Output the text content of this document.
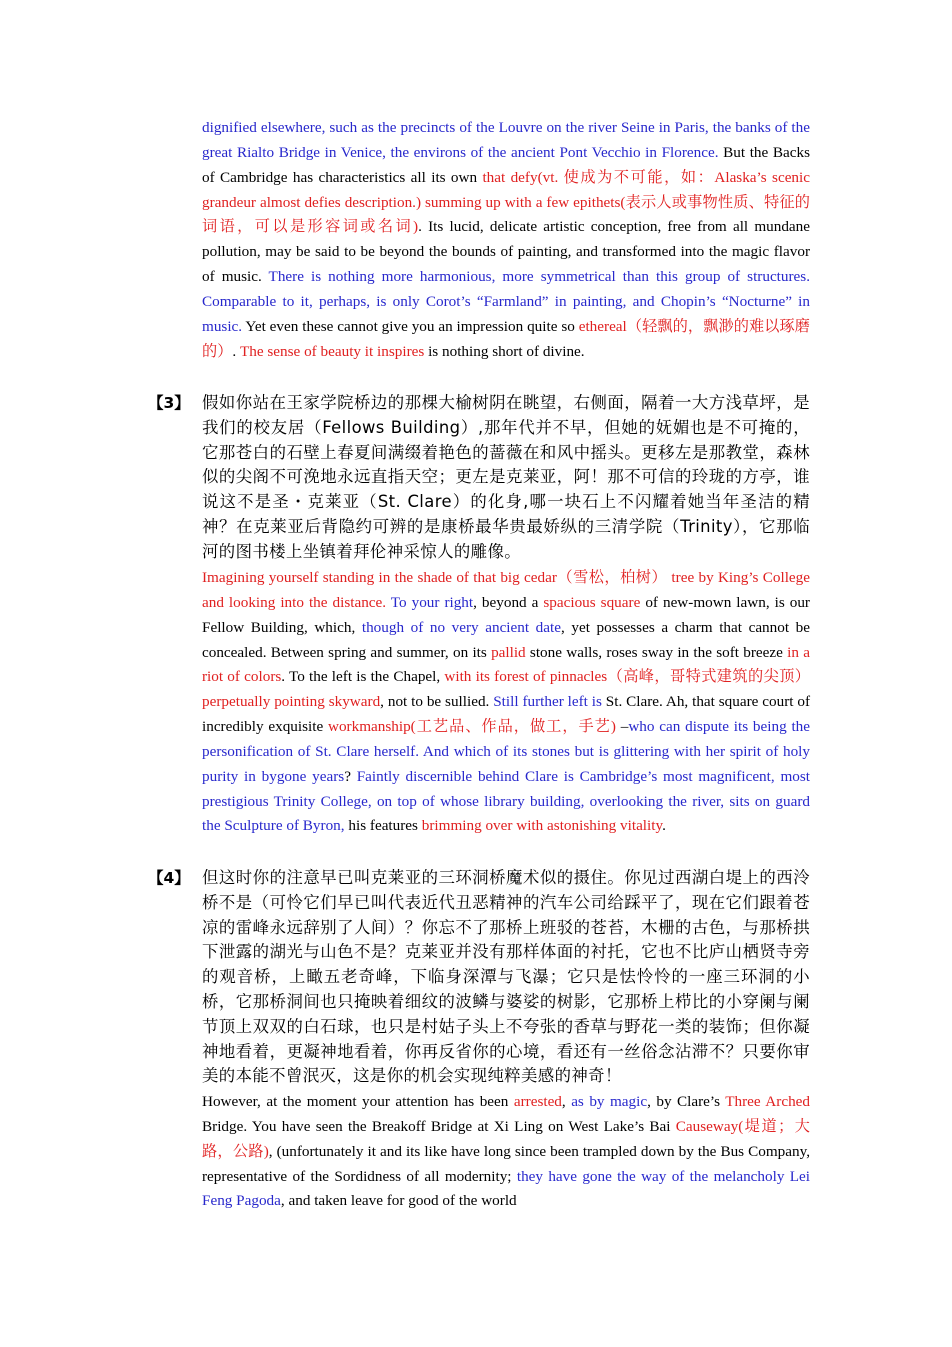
dignified elsewhere, such as the precincts of the Louvre on the river Seine in Paris, the banks of the great Rialto Bridge in Venice, the environs of the ancient Pont Vecchio in Florence. But the Backs of Cambridge has characteristics all its own that defy(vt. 使成为不可能，如：Alaska’s scenic grandeur almost defies description.) summing up with a few epithets(表示人或事物性质、特征的词语，可以是形容词或名词). Its lucid, delicate artistic conception, free from all mundane pollution, may be said to be beyond the bounds of painting, and transformed into the magic flavor of music. There is nothing more harmonious, more symmetrical than this group of structures. Comparable to it, perhaps, is only Corot’s “Farmland” in painting, and Chopin’s “Nocturne” in music. Yet even these cannot give you an impression quite so ethereal（轻飘的，飘渺的难以琢磨的）. The sense of beauty it inspires is nothing short of divine.

【3】 假如你站在王家学院桥边的那棵大榆树阴在眺望，右侧面，隔着一大方浅草坪，是我们的校友居（Fellows Building）,那年代并不早，但她的妩媚也是不可掩的，它那苍白的石壁上春夏间满缀着艳色的蔷薇在和风中摇头。更移左是那教堂，森林似的尖阁不可浼地永远直指天空；更左是克莱亚，阿！那不可信的玲珑的方亭，谁说这不是圣・克莱亚（St. Clare）的化身,哪一块石上不闪耀着她当年圣洁的精神？在克莱亚后背隐约可辨的是康桥最华贵最娇纵的三清学院（Trinity），它那临河的图书楼上坐镇着拜伦神采惊人的雕像。

Imagining yourself standing in the shade of that big cedar（雪松，柏树） tree by King’s College and looking into the distance. To your right, beyond a spacious square of new-mown lawn, is our Fellow Building, which, though of no very ancient date, yet possesses a charm that cannot be concealed. Between spring and summer, on its pallid stone walls, roses sway in the soft breeze in a riot of colors. To the left is the Chapel, with its forest of pinnacles（高峰，哥特式建筑的尖顶） perpetually pointing skyward, not to be sullied. Still further left is St. Clare. Ah, that square court of incredibly exquisite workmanship(工艺品、作品，做工，手艺) –who can dispute its being the personification of St. Clare herself. And which of its stones but is glittering with her spirit of holy purity in bygone years? Faintly discernible behind Clare is Cambridge’s most magnificent, most prestigious Trinity College, on top of whose library building, overlooking the river, sits on guard the Sculpture of Byron, his features brimming over with astonishing vitality.

【4】 但这时你的注意早已叫克莱亚的三环洞桥魔术似的摄住。你见过西湖白堤上的西泠桥不是（可怜它们早已叫代表近代丑恶精神的汽车公司给踩平了，现在它们跟着苍凉的雷峰永远辞别了人间）？你忘不了那桥上班驳的苍苔，木栅的古色，与那桥拱下泄露的湖光与山色不是？克莱亚并没有那样体面的衬托，它也不比庐山栖贤寺旁的观音桥，上瞰五老奇峰，下临身深潭与飞瀑；它只是怯怜怜的一座三环洞的小桥，它那桥洞间也只掩映着细纹的波鳞与婆娑的树影，它那桥上栉比的小穿阑与阑节顶上双双的白石球，也只是村姑子头上不夸张的香草与野花一类的装饰；但你凝神地看着，更凝神地看着，你再反省你的心境，看还有一丝俗念沾滞不？只要你审美的本能不曾泯灭，这是你的机会实现纯粹美感的神奇！

However, at the moment your attention has been arrested, as by magic, by Clare’s Three Arched Bridge. You have seen the Breakoff Bridge at Xi Ling on West Lake’s Bai Causeway(堤道；大路，公路), (unfortunately it and its like have long since been trampled down by the Bus Company, representative of the Sordidness of all modernity; they have gone the way of the melancholy Lei Feng Pagoda, and taken leave for good of the world
